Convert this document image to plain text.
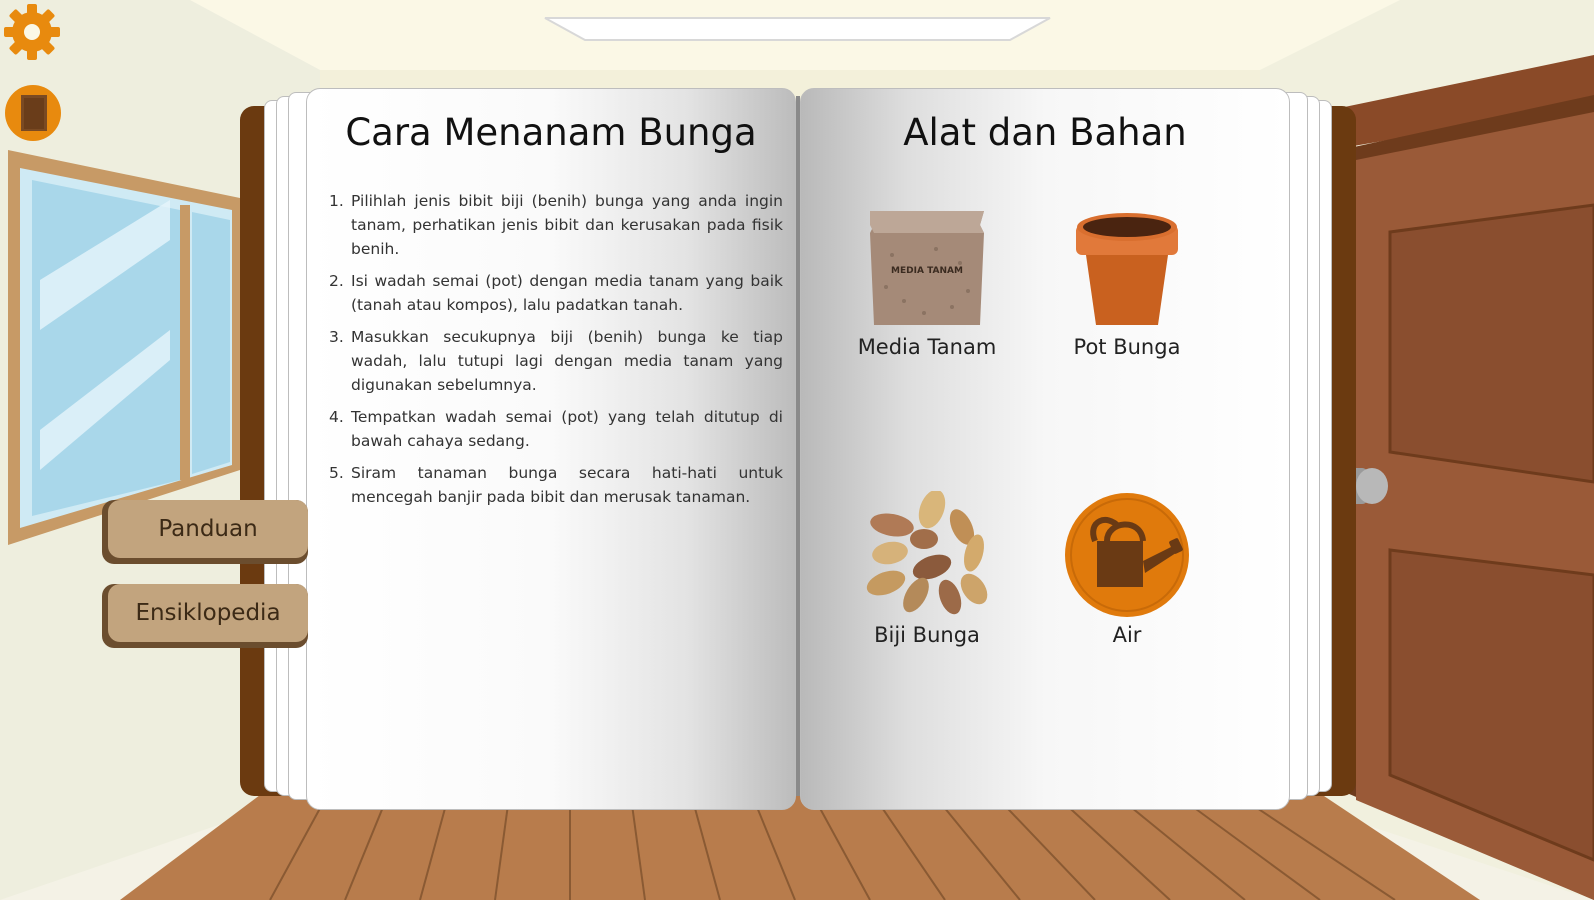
Cara Menanam Bunga
Pilihlah jenis bibit biji (benih) bunga yang anda ingin tanam, perhatikan jenis bibit dan kerusakan pada fisik benih.
Isi wadah semai (pot) dengan media tanam yang baik (tanah atau kompos), lalu padatkan tanah.
Masukkan secukupnya biji (benih) bunga ke tiap wadah, lalu tutupi lagi dengan media tanam yang digunakan sebelumnya.
Tempatkan wadah semai (pot) yang telah ditutup di bawah cahaya sedang.
Siram tanaman bunga secara hati-hati untuk mencegah banjir pada bibit dan merusak tanaman.
Alat dan Bahan
MEDIA TANAM
Media Tanam	Pot Bunga
Biji Bunga	Air
Panduan
Ensiklopedia
